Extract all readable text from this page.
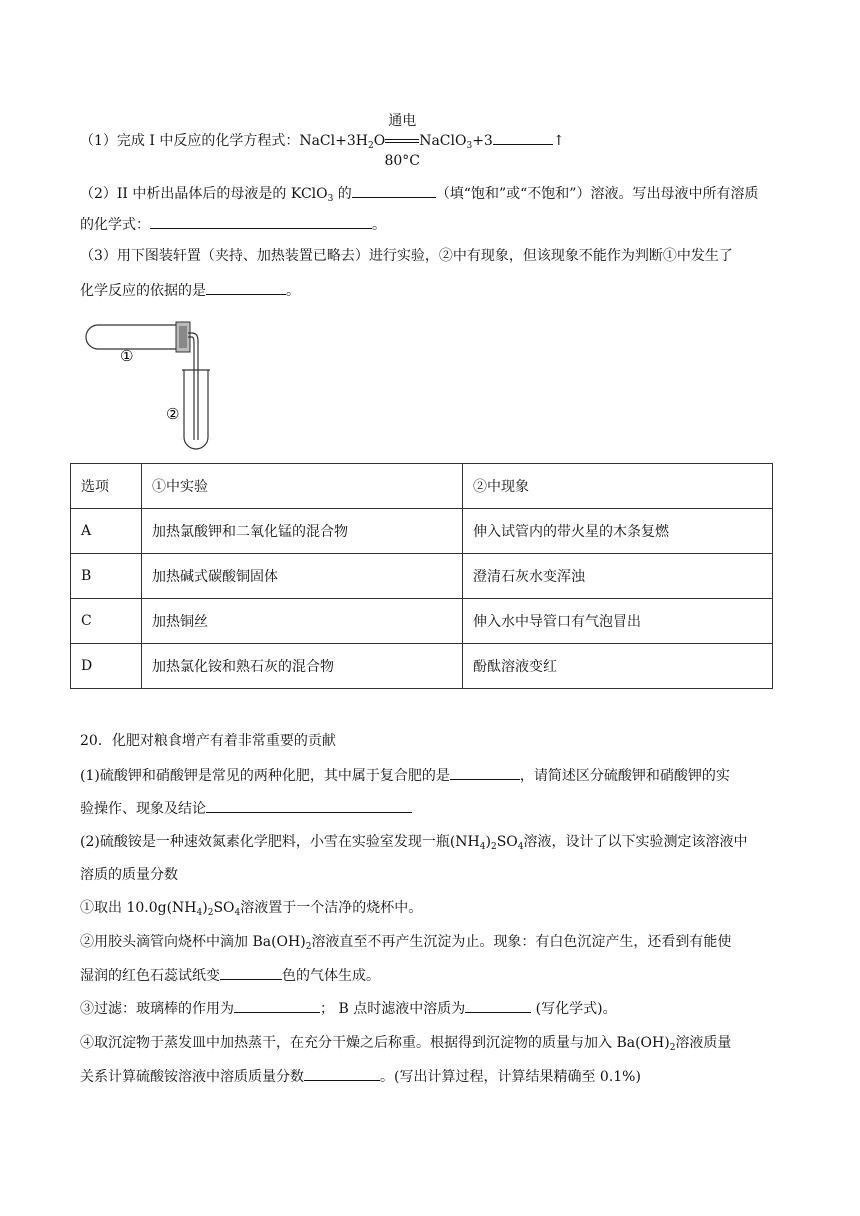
（1）完成 I 中反应的化学方程式：$NaCl+3H_2O$
通电
80°C
NaClO$_3$+3	↑
（2）II 中析出晶体后的母液是的 KClO$_3$ 的	（填“饱和”或“不饱和”）溶液。写出母液中所有溶质
的化学式：	。
（3）用下图装轩置（夹持、加热装置已略去）进行实验，②中有现象，但该现象不能作为判断①中发生了
化学反应的依据的是	。
①
②
选项	①中实验	②中现象
A	加热氯酸钾和二氧化锰的混合物	伸入试管内的带火星的木条复燃
B	加热碱式碳酸铜固体	澄清石灰水变浑浊
C	加热铜丝	伸入水中导管口有气泡冒出
D	加热氯化铵和熟石灰的混合物	酚酞溶液变红
20．化肥对粮食增产有着非常重要的贡献
(1)硫酸钾和硝酸钾是常见的两种化肥，其中属于复合肥的是	，请简述区分硫酸钾和硝酸钾的实
验操作、现象及结论
(2)硫酸铵是一种速效氮素化学肥料，小雪在实验室发现一瓶$(NH_4)_2SO_4$溶液，设计了以下实验测定该溶液中
溶质的质量分数
①取出 $10.0g(NH_4)_2SO_4$溶液置于一个洁净的烧杯中。
②用胶头滴管向烧杯中滴加 $Ba(OH)_2$溶液直至不再产生沉淀为止。现象：有白色沉淀产生，还看到有能使
湿润的红色石蕊试纸变	色的气体生成。
③过滤：玻璃棒的作用为	； B 点时滤液中溶质为	(写化学式)。
④取沉淀物于蒸发皿中加热蒸干，在充分干燥之后称重。根据得到沉淀物的质量与加入 $Ba(OH)_2$溶液质量
关系计算硫酸铵溶液中溶质质量分数	。(写出计算过程，计算结果精确至 0.1%)
